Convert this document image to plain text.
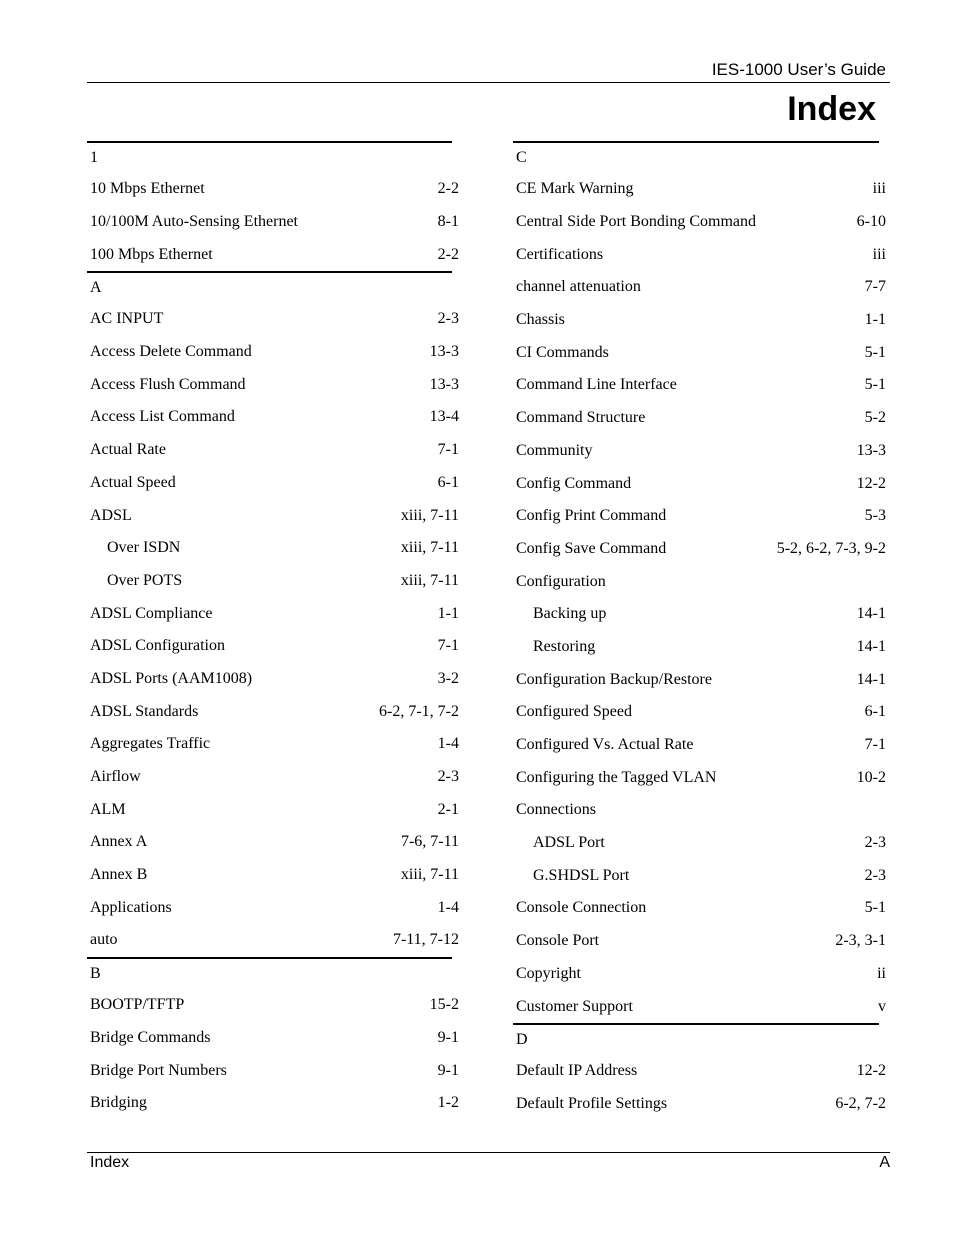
IES-1000 User’s Guide
Index
1
10 Mbps Ethernet	2-2
10/100M Auto-Sensing Ethernet	8-1
100 Mbps Ethernet	2-2
A
AC INPUT	2-3
Access Delete Command	13-3
Access Flush Command	13-3
Access List Command	13-4
Actual Rate	7-1
Actual Speed	6-1
ADSL	xiii, 7-11
Over ISDN	xiii, 7-11
Over POTS	xiii, 7-11
ADSL Compliance	1-1
ADSL Configuration	7-1
ADSL Ports (AAM1008)	3-2
ADSL Standards	6-2, 7-1, 7-2
Aggregates Traffic	1-4
Airflow	2-3
ALM	2-1
Annex A	7-6, 7-11
Annex B	xiii, 7-11
Applications	1-4
auto	7-11, 7-12
B
BOOTP/TFTP	15-2
Bridge Commands	9-1
Bridge Port Numbers	9-1
Bridging	1-2
C
CE Mark Warning	iii
Central Side Port Bonding Command	6-10
Certifications	iii
channel attenuation	7-7
Chassis	1-1
CI Commands	5-1
Command Line Interface	5-1
Command Structure	5-2
Community	13-3
Config Command	12-2
Config Print Command	5-3
Config Save Command	5-2, 6-2, 7-3, 9-2
Configuration
Backing up	14-1
Restoring	14-1
Configuration Backup/Restore	14-1
Configured Speed	6-1
Configured Vs. Actual Rate	7-1
Configuring the Tagged VLAN	10-2
Connections
ADSL Port	2-3
G.SHDSL Port	2-3
Console Connection	5-1
Console Port	2-3, 3-1
Copyright	ii
Customer Support	v
D
Default IP Address	12-2
Default Profile Settings	6-2, 7-2
Index	A
